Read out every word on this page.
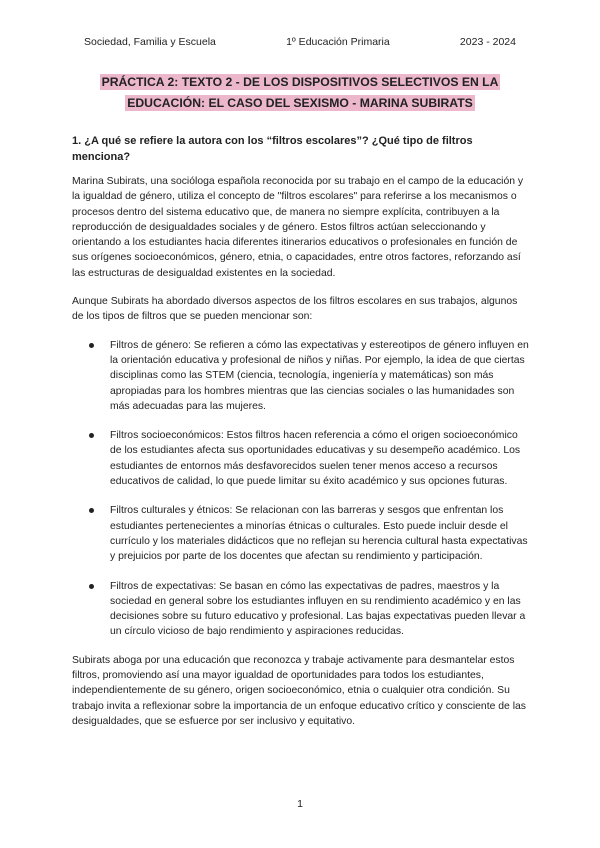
Sociedad, Familia y Escuela	1º Educación Primaria	2023 - 2024
PRÁCTICA 2: TEXTO 2 - DE LOS DISPOSITIVOS SELECTIVOS EN LA
EDUCACIÓN: EL CASO DEL SEXISMO - MARINA SUBIRATS
1. ¿A qué se refiere la autora con los “filtros escolares”? ¿Qué tipo de filtros menciona?

Marina Subirats, una socióloga española reconocida por su trabajo en el campo de la educación y la igualdad de género, utiliza el concepto de "filtros escolares" para referirse a los mecanismos o procesos dentro del sistema educativo que, de manera no siempre explícita, contribuyen a la reproducción de desigualdades sociales y de género. Estos filtros actúan seleccionando y orientando a los estudiantes hacia diferentes itinerarios educativos o profesionales en función de sus orígenes socioeconómicos, género, etnia, o capacidades, entre otros factores, reforzando así las estructuras de desigualdad existentes en la sociedad.

Aunque Subirats ha abordado diversos aspectos de los filtros escolares en sus trabajos, algunos de los tipos de filtros que se pueden mencionar son:

Filtros de género: Se refieren a cómo las expectativas y estereotipos de género influyen en la orientación educativa y profesional de niños y niñas. Por ejemplo, la idea de que ciertas disciplinas como las STEM (ciencia, tecnología, ingeniería y matemáticas) son más apropiadas para los hombres mientras que las ciencias sociales o las humanidades son más adecuadas para las mujeres.
Filtros socioeconómicos: Estos filtros hacen referencia a cómo el origen socioeconómico de los estudiantes afecta sus oportunidades educativas y su desempeño académico. Los estudiantes de entornos más desfavorecidos suelen tener menos acceso a recursos educativos de calidad, lo que puede limitar su éxito académico y sus opciones futuras.
Filtros culturales y étnicos: Se relacionan con las barreras y sesgos que enfrentan los estudiantes pertenecientes a minorías étnicas o culturales. Esto puede incluir desde el currículo y los materiales didácticos que no reflejan su herencia cultural hasta expectativas y prejuicios por parte de los docentes que afectan su rendimiento y participación.
Filtros de expectativas: Se basan en cómo las expectativas de padres, maestros y la sociedad en general sobre los estudiantes influyen en su rendimiento académico y en las decisiones sobre su futuro educativo y profesional. Las bajas expectativas pueden llevar a un círculo vicioso de bajo rendimiento y aspiraciones reducidas.

Subirats aboga por una educación que reconozca y trabaje activamente para desmantelar estos filtros, promoviendo así una mayor igualdad de oportunidades para todos los estudiantes, independientemente de su género, origen socioeconómico, etnia o cualquier otra condición. Su trabajo invita a reflexionar sobre la importancia de un enfoque educativo crítico y consciente de las desigualdades, que se esfuerce por ser inclusivo y equitativo.

1
